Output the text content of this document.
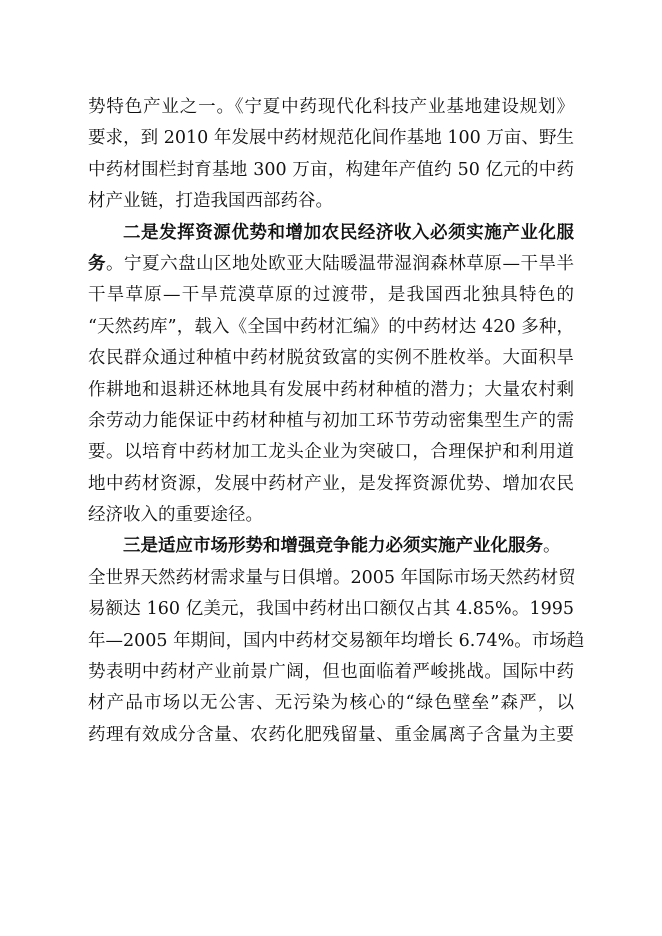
势特色产业之一。《宁夏中药现代化科技产业基地建设规划》
要求，到 2010 年发展中药材规范化间作基地 100 万亩、野生
中药材围栏封育基地 300 万亩，构建年产值约 50 亿元的中药
材产业链，打造我国西部药谷。
二是发挥资源优势和增加农民经济收入必须实施产业化服
务。宁夏六盘山区地处欧亚大陆暖温带湿润森林草原—干旱半
干旱草原—干旱荒漠草原的过渡带，是我国西北独具特色的
“天然药库”，载入《全国中药材汇编》的中药材达 420 多种，
农民群众通过种植中药材脱贫致富的实例不胜枚举。大面积旱
作耕地和退耕还林地具有发展中药材种植的潜力；大量农村剩
余劳动力能保证中药材种植与初加工环节劳动密集型生产的需
要。以培育中药材加工龙头企业为突破口，合理保护和利用道
地中药材资源，发展中药材产业，是发挥资源优势、增加农民
经济收入的重要途径。
三是适应市场形势和增强竞争能力必须实施产业化服务。
全世界天然药材需求量与日俱增。2005 年国际市场天然药材贸
易额达 160 亿美元，我国中药材出口额仅占其 4.85%。1995
年—2005 年期间，国内中药材交易额年均增长 6.74%。市场趋
势表明中药材产业前景广阔，但也面临着严峻挑战。国际中药
材产品市场以无公害、无污染为核心的“绿色壁垒”森严，以
药理有效成分含量、农药化肥残留量、重金属离子含量为主要
